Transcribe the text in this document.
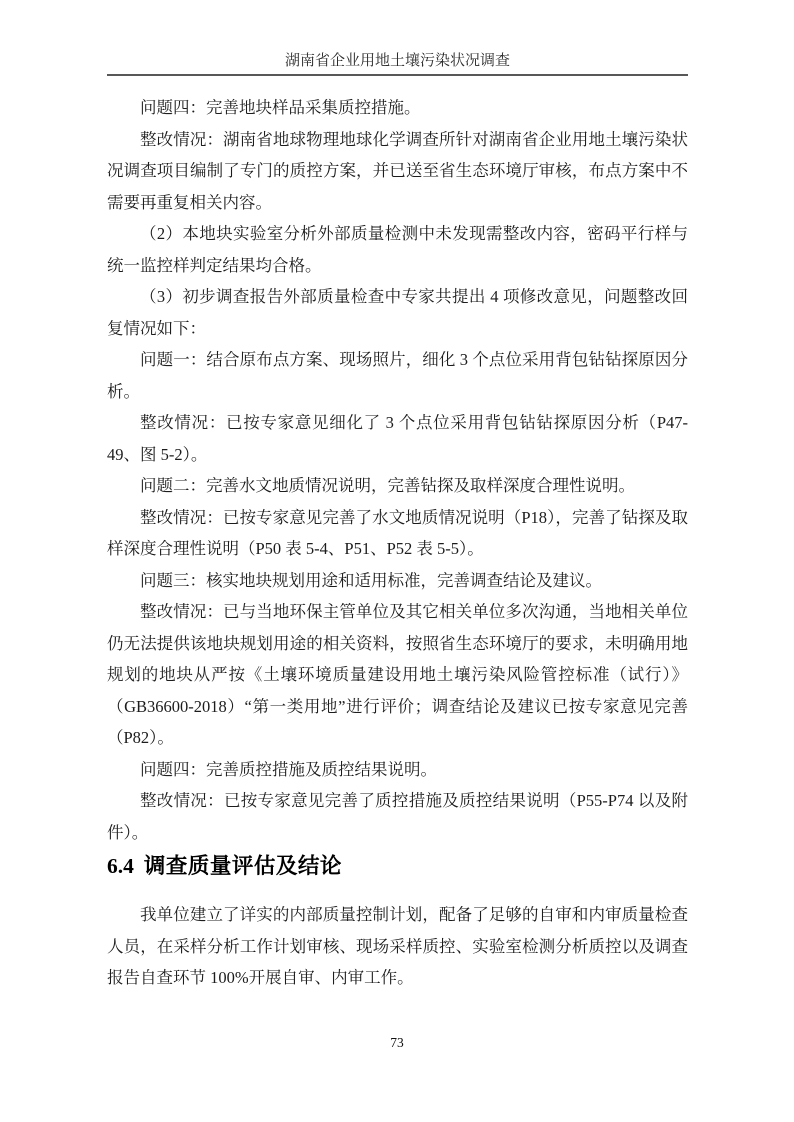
湖南省企业用地土壤污染状况调查

问题四：完善地块样品采集质控措施。

整改情况：湖南省地球物理地球化学调查所针对湖南省企业用地土壤污染状况调查项目编制了专门的质控方案，并已送至省生态环境厅审核，布点方案中不需要再重复相关内容。

（2）本地块实验室分析外部质量检测中未发现需整改内容，密码平行样与统一监控样判定结果均合格。

（3）初步调查报告外部质量检查中专家共提出 4 项修改意见，问题整改回复情况如下：

问题一：结合原布点方案、现场照片，细化 3 个点位采用背包钻钻探原因分析。

整改情况：已按专家意见细化了 3 个点位采用背包钻钻探原因分析（P47-49、图 5-2）。

问题二：完善水文地质情况说明，完善钻探及取样深度合理性说明。

整改情况：已按专家意见完善了水文地质情况说明（P18），完善了钻探及取样深度合理性说明（P50 表 5-4、P51、P52 表 5-5）。

问题三：核实地块规划用途和适用标准，完善调查结论及建议。

整改情况：已与当地环保主管单位及其它相关单位多次沟通，当地相关单位仍无法提供该地块规划用途的相关资料，按照省生态环境厅的要求，未明确用地规划的地块从严按《土壤环境质量建设用地土壤污染风险管控标准（试行）》（GB36600-2018）“第一类用地”进行评价；调查结论及建议已按专家意见完善（P82）。

问题四：完善质控措施及质控结果说明。

整改情况：已按专家意见完善了质控措施及质控结果说明（P55-P74 以及附件）。

6.4 调查质量评估及结论

我单位建立了详实的内部质量控制计划，配备了足够的自审和内审质量检查人员，在采样分析工作计划审核、现场采样质控、实验室检测分析质控以及调查报告自查环节 100%开展自审、内审工作。

73
